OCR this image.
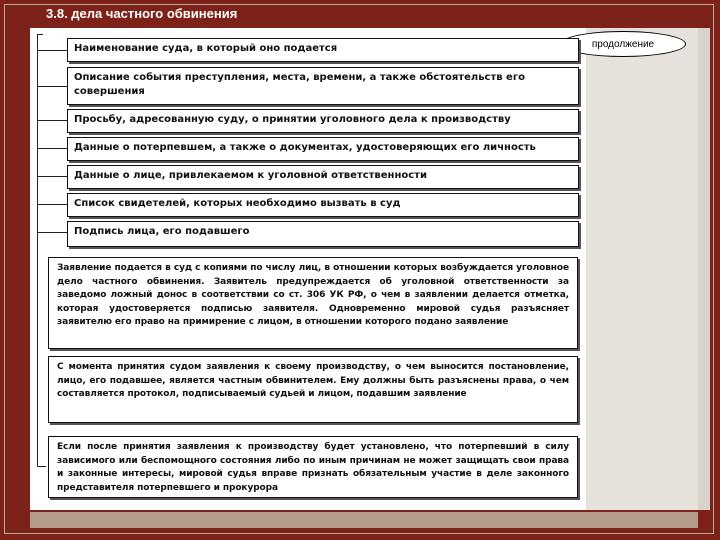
3.8. дела частного обвинения
продолжение
Наименование суда, в который оно подается
Описание события преступления, места, времени, а также обстоятельств его совершения
Просьбу, адресованную суду, о принятии уголовного дела к производству
Данные о потерпевшем, а также о документах, удостоверяющих его личность
Данные о лице, привлекаемом к уголовной ответственности
Список свидетелей, которых необходимо вызвать в суд
Подпись лица, его подавшего
Заявление подается в суд с копиями по числу лиц, в отношении которых возбуждается уголовное дело частного обвинения. Заявитель предупреждается об уголовной ответственности за заведомо ложный донос в соответствии со ст. 306 УК РФ, о чем в заявлении делается отметка, которая удостоверяется подписью заявителя. Одновременно мировой судья разъясняет заявителю его право на примирение с лицом, в отношении которого подано заявление
С момента принятия судом заявления к своему производству, о чем выносится постановление, лицо, его подавшее, является частным обвинителем. Ему должны быть разъяснены права, о чем составляется протокол, подписываемый судьей и лицом, подавшим заявление
Если после принятия заявления к производству будет установлено, что потерпевший в силу зависимого или беспомощного состояния либо по иным причинам не может защищать свои права и законные интересы, мировой судья вправе признать обязательным участие в деле законного представителя потерпевшего и прокурора
